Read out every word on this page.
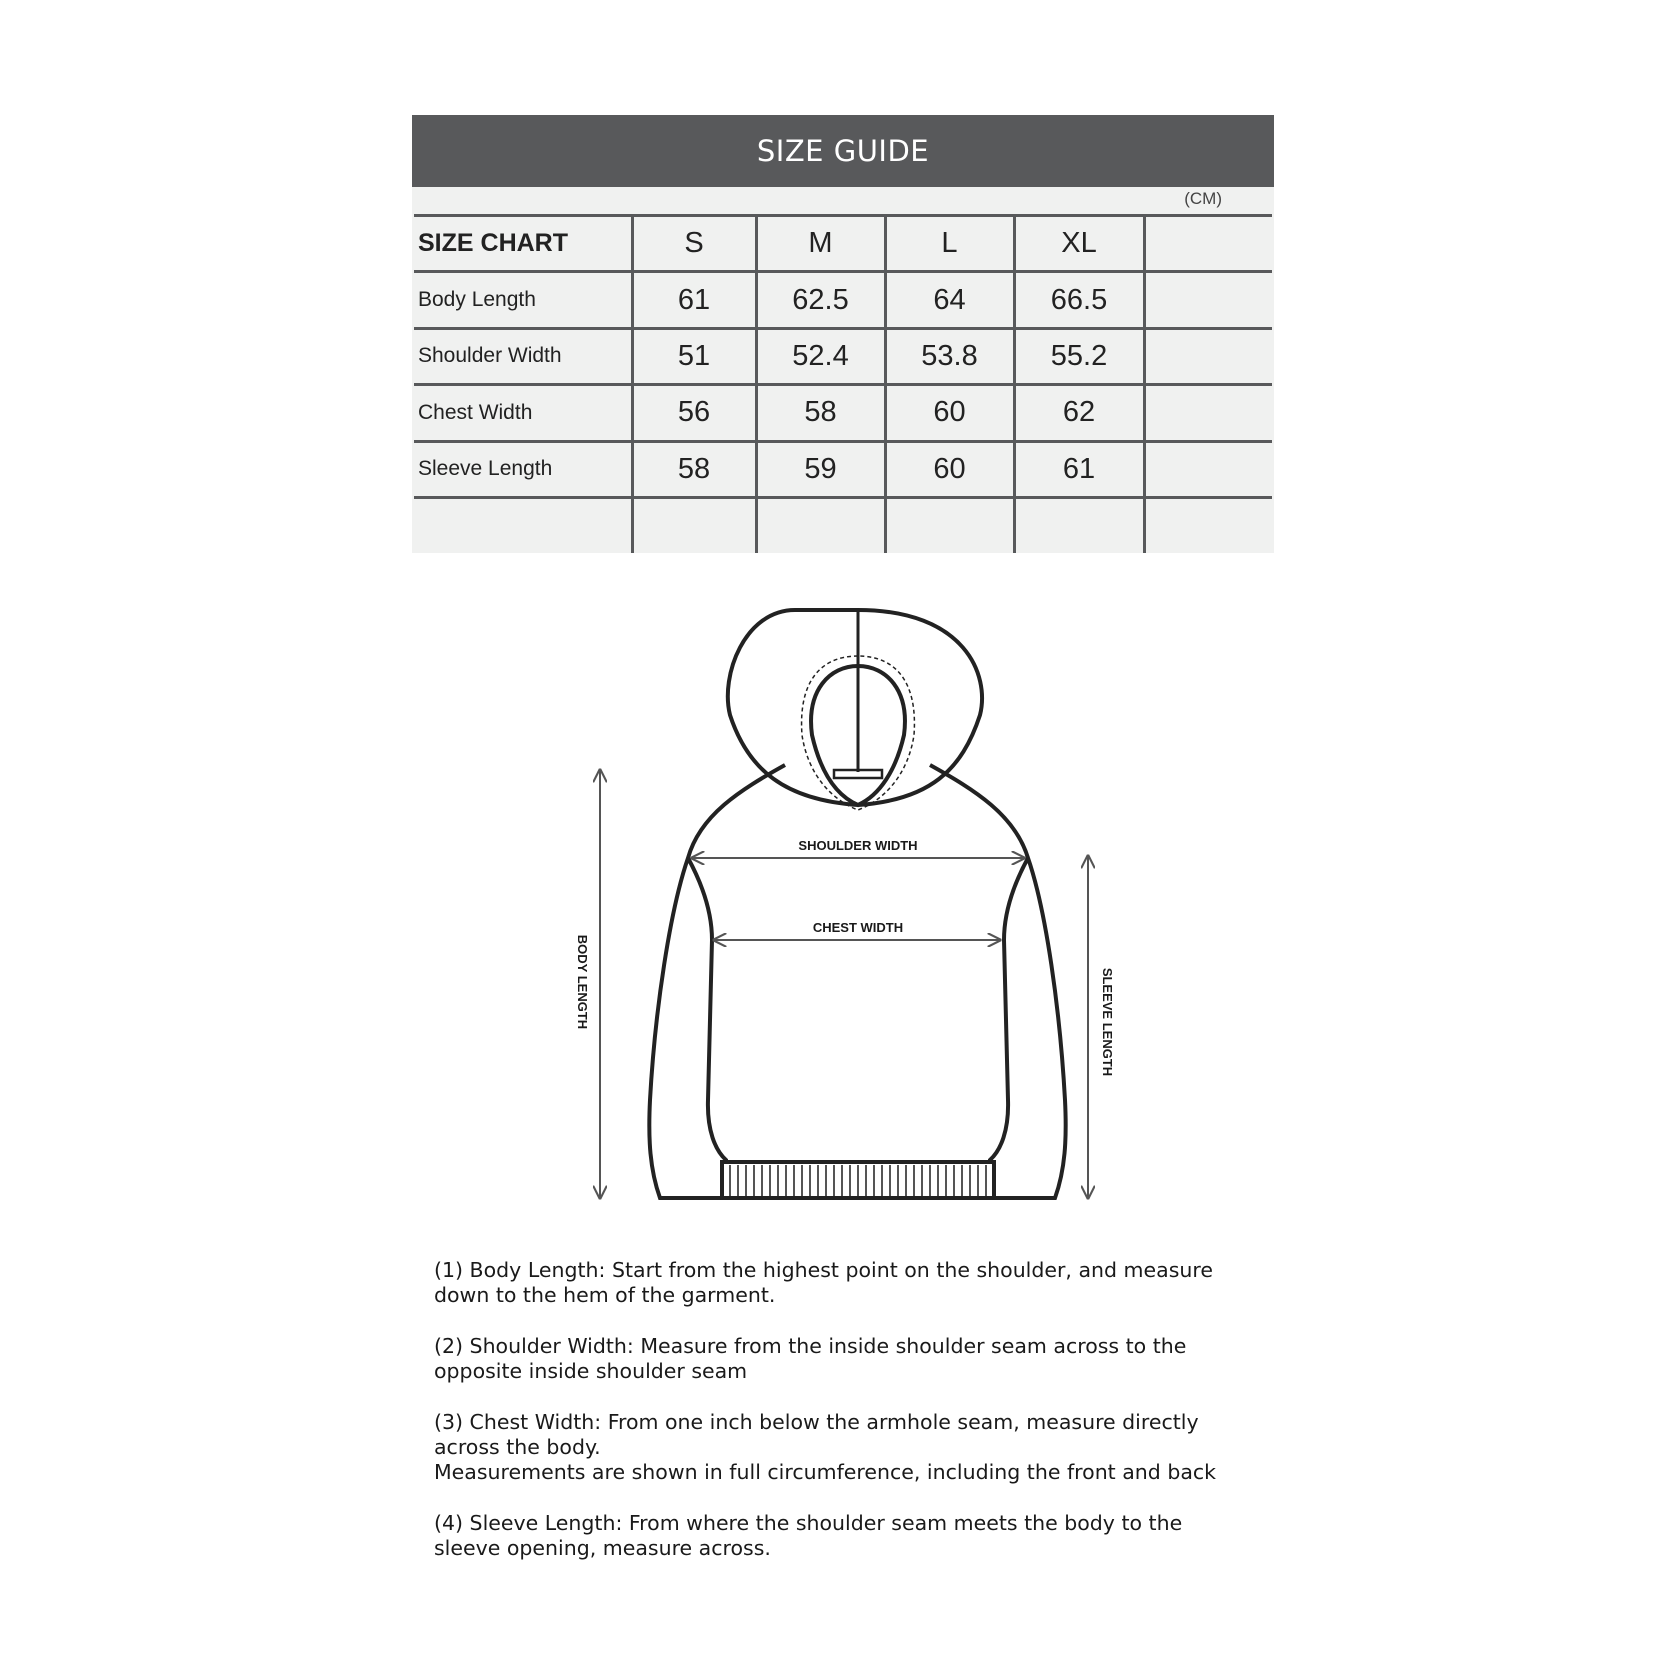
SIZE GUIDE
(CM)
SIZE CHART	S	M	L	XL	
Body Length	61	62.5	64	66.5	
Shoulder Width	51	52.4	53.8	55.2	
Chest Width	56	58	60	62	
Sleeve Length	58	59	60	61	

SHOULDER WIDTH
CHEST WIDTH
BODY LENGTH	SLEEVE LENGTH

(1) Body Length: Start from the highest point on the shoulder, and measure
down to the hem of the garment.

(2) Shoulder Width: Measure from the inside shoulder seam across to the
opposite inside shoulder seam

(3) Chest Width: From one inch below the armhole seam, measure directly
across the body.
Measurements are shown in full circumference, including the front and back

(4) Sleeve Length: From where the shoulder seam meets the body to the
sleeve opening, measure across.
